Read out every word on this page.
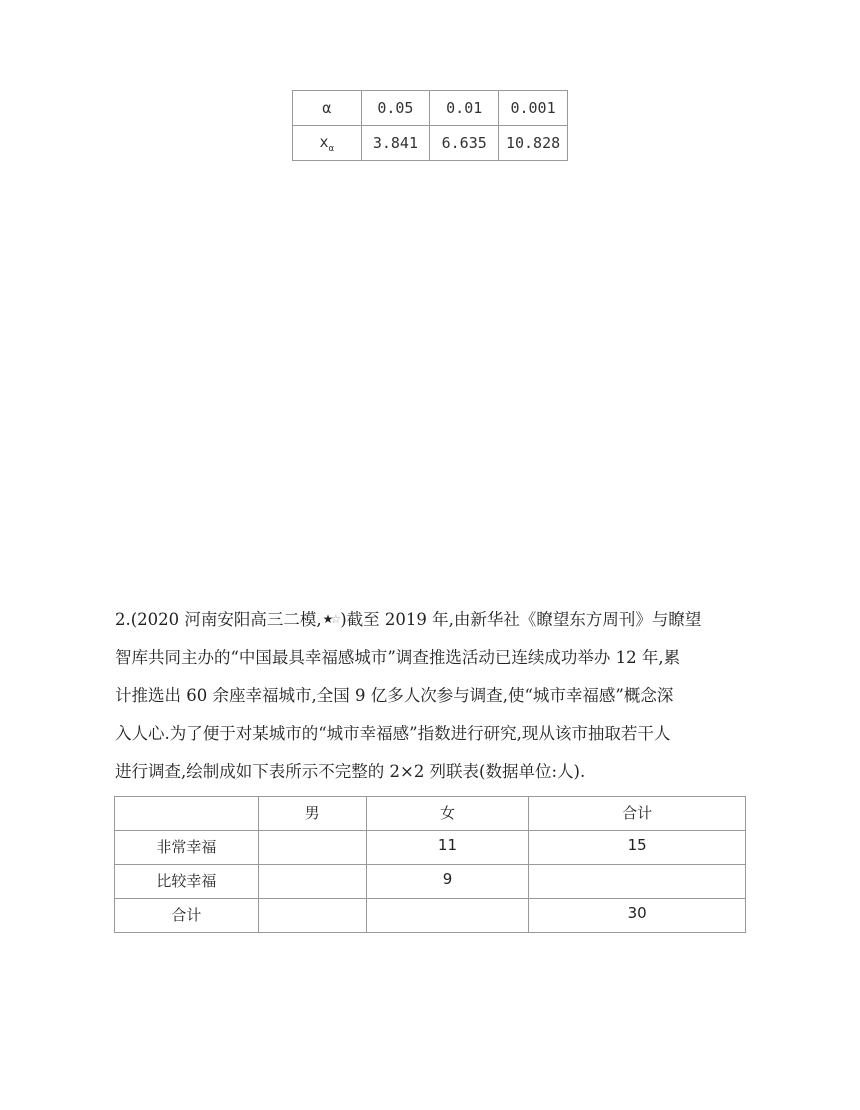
α	0.05	0.01	0.001
$x_\alpha$	3.841	6.635	10.828

2.(2020 河南安阳高三二模,★☆ )截至 2019 年,由新华社《瞭望东方周刊》与瞭望

智库共同主办的“中国最具幸福感城市”调查推选活动已连续成功举办 12 年,累

计推选出 60 余座幸福城市,全国 9 亿多人次参与调查,使“城市幸福感”概念深

入人心.为了便于对某城市的“城市幸福感”指数进行研究,现从该市抽取若干人

进行调查,绘制成如下表所示不完整的 2×2 列联表(数据单位:人).

	男	女	合计
非常幸福		11	15
比较幸福		9	
合计			30
